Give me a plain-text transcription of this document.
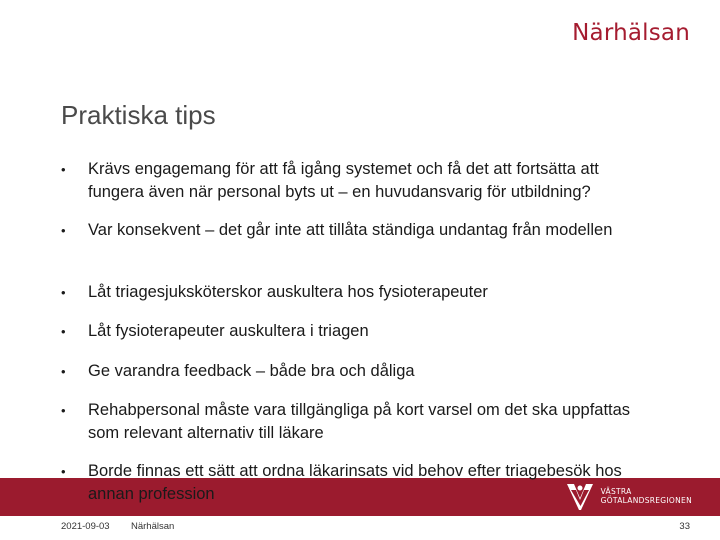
Närhälsan
Praktiska tips
•	Krävs engagemang för att få igång systemet och få det att fortsätta att fungera även när personal byts ut – en huvudansvarig för utbildning?
•	Var konsekvent – det går inte att tillåta ständiga undantag från modellen
•	Låt triagesjuksköterskor auskultera hos fysioterapeuter
•	Låt fysioterapeuter auskultera i triagen
•	Ge varandra feedback – både bra och dåliga
•	Rehabpersonal måste vara tillgängliga på kort varsel om det ska uppfattas som relevant alternativ till läkare
•	Borde finnas ett sätt att ordna läkarinsats vid behov efter triagebesök hos annan profession	VÄSTRA
GÖTALANDSREGIONEN
2021-09-03 Närhälsan	33
